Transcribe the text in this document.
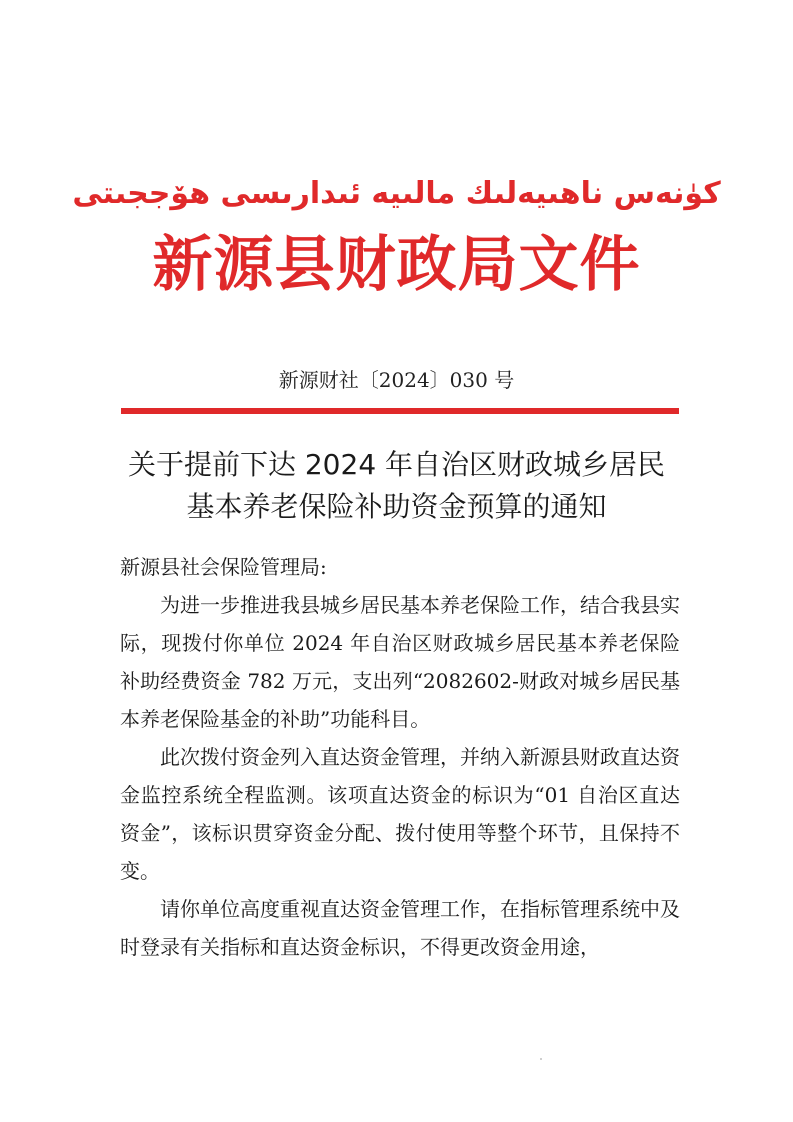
كۈنەس ناھىيەلىك مالىيە ئىدارىسى ھۆججىتى
新源县财政局文件
新源财社〔2024〕030 号
关于提前下达 2024 年自治区财政城乡居民
基本养老保险补助资金预算的通知

新源县社会保险管理局:

为进一步推进我县城乡居民基本养老保险工作，结合我县实际，现拨付你单位 2024 年自治区财政城乡居民基本养老保险补助经费资金 782 万元，支出列“2082602-财政对城乡居民基本养老保险基金的补助”功能科目。

此次拨付资金列入直达资金管理，并纳入新源县财政直达资金监控系统全程监测。该项直达资金的标识为“01 自治区直达资金”，该标识贯穿资金分配、拨付使用等整个环节，且保持不变。

请你单位高度重视直达资金管理工作，在指标管理系统中及时登录有关指标和直达资金标识，不得更改资金用途，
